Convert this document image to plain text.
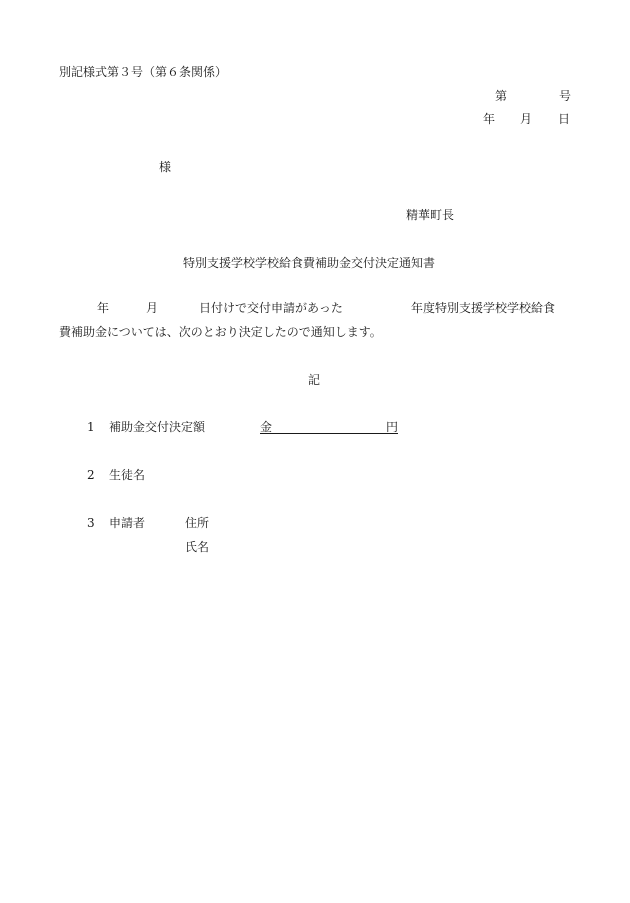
別記様式第３号（第６条関係）
第	号
年 月 日
様
精華町長
特別支援学校学校給食費補助金交付決定通知書
年	月	日付けで交付申請があった	年度特別支援学校学校給食
費補助金については、次のとおり決定したので通知します。
記
1 補助金交付決定額	金	円
2 生徒名
3 申請者	住所
氏名
